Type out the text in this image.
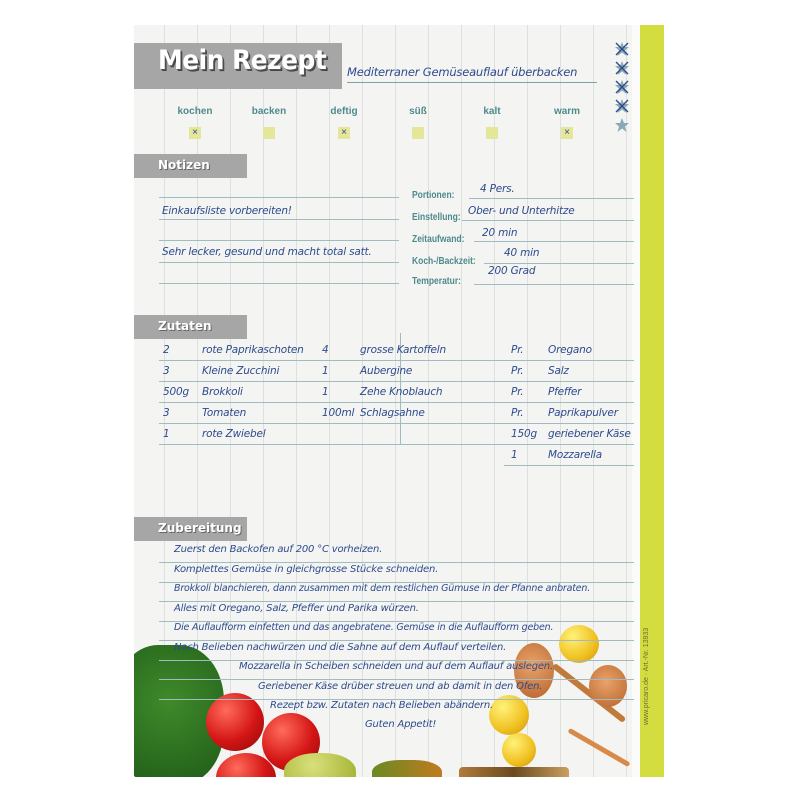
www.pricaro.de · Art.-Nr. 13933
Mein Rezept Mediterraner Gemüseauflauf überbacken
kochen
×
backen	deftig
×
süß	kalt	warm
×
Notizen
Einkaufsliste vorbereiten!
Sehr lecker, gesund und macht total satt.
Portionen:
4 Pers.
Einstellung:
Ober- und Unterhitze
Zeitaufwand:
20 min
Koch-/Backzeit:
40 min
Temperatur:
200 Grad
Zutaten
2	rote Paprikaschoten
3	Kleine Zucchini
500g Brokkoli
3	Tomaten
1	rote Zwiebel
4	grosse Kartoffeln
1	Aubergine
1	Zehe Knoblauch
100ml Schlagsahne
Pr. Oregano
Pr. Salz
Pr. Pfeffer
Pr. Paprikapulver
150g geriebener Käse
1	Mozzarella
Zubereitung
Zuerst den Backofen auf 200 °C vorheizen.
Komplettes Gemüse in gleichgrosse Stücke schneiden.
Brokkoli blanchieren, dann zusammen mit dem restlichen Gümuse in der Pfanne anbraten.
Alles mit Oregano, Salz, Pfeffer und Parika würzen.
Die Auflaufform einfetten und das angebratene. Gemüse in die Auflaufform geben.
Nach Belieben nachwürzen und die Sahne auf dem Auflauf verteilen.
Mozzarella in Scheiben schneiden und auf dem Auflauf auslegen.
Geriebener Käse drüber streuen und ab damit in den Ofen.
Rezept bzw. Zutaten nach Belieben abändern.
Guten Appetit!
